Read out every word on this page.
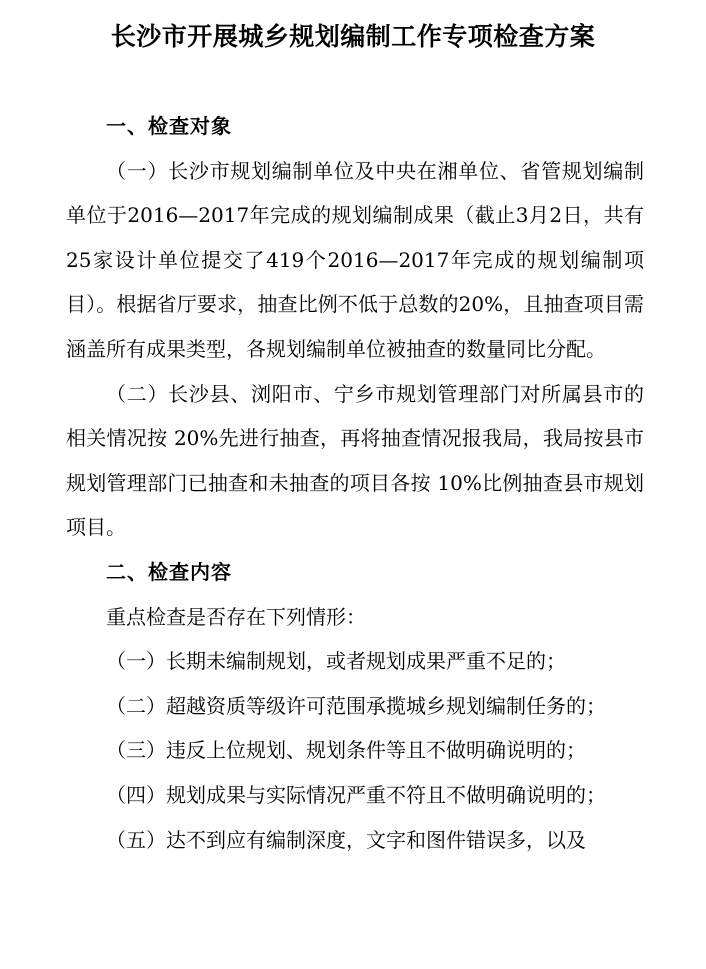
长沙市开展城乡规划编制工作专项检查方案
一、检查对象

（一）长沙市规划编制单位及中央在湘单位、省管规划编制单位于2016—2017年完成的规划编制成果（截止3月2日，共有25家设计单位提交了419个2016—2017年完成的规划编制项目）。根据省厅要求，抽查比例不低于总数的20%，且抽查项目需涵盖所有成果类型，各规划编制单位被抽查的数量同比分配。

（二）长沙县、浏阳市、宁乡市规划管理部门对所属县市的相关情况按 20%先进行抽查，再将抽查情况报我局，我局按县市规划管理部门已抽查和未抽查的项目各按 10%比例抽查县市规划项目。

二、检查内容

重点检查是否存在下列情形：

（一）长期未编制规划，或者规划成果严重不足的；

（二）超越资质等级许可范围承揽城乡规划编制任务的；

（三）违反上位规划、规划条件等且不做明确说明的；

（四）规划成果与实际情况严重不符且不做明确说明的；

（五）达不到应有编制深度，文字和图件错误多，以及
